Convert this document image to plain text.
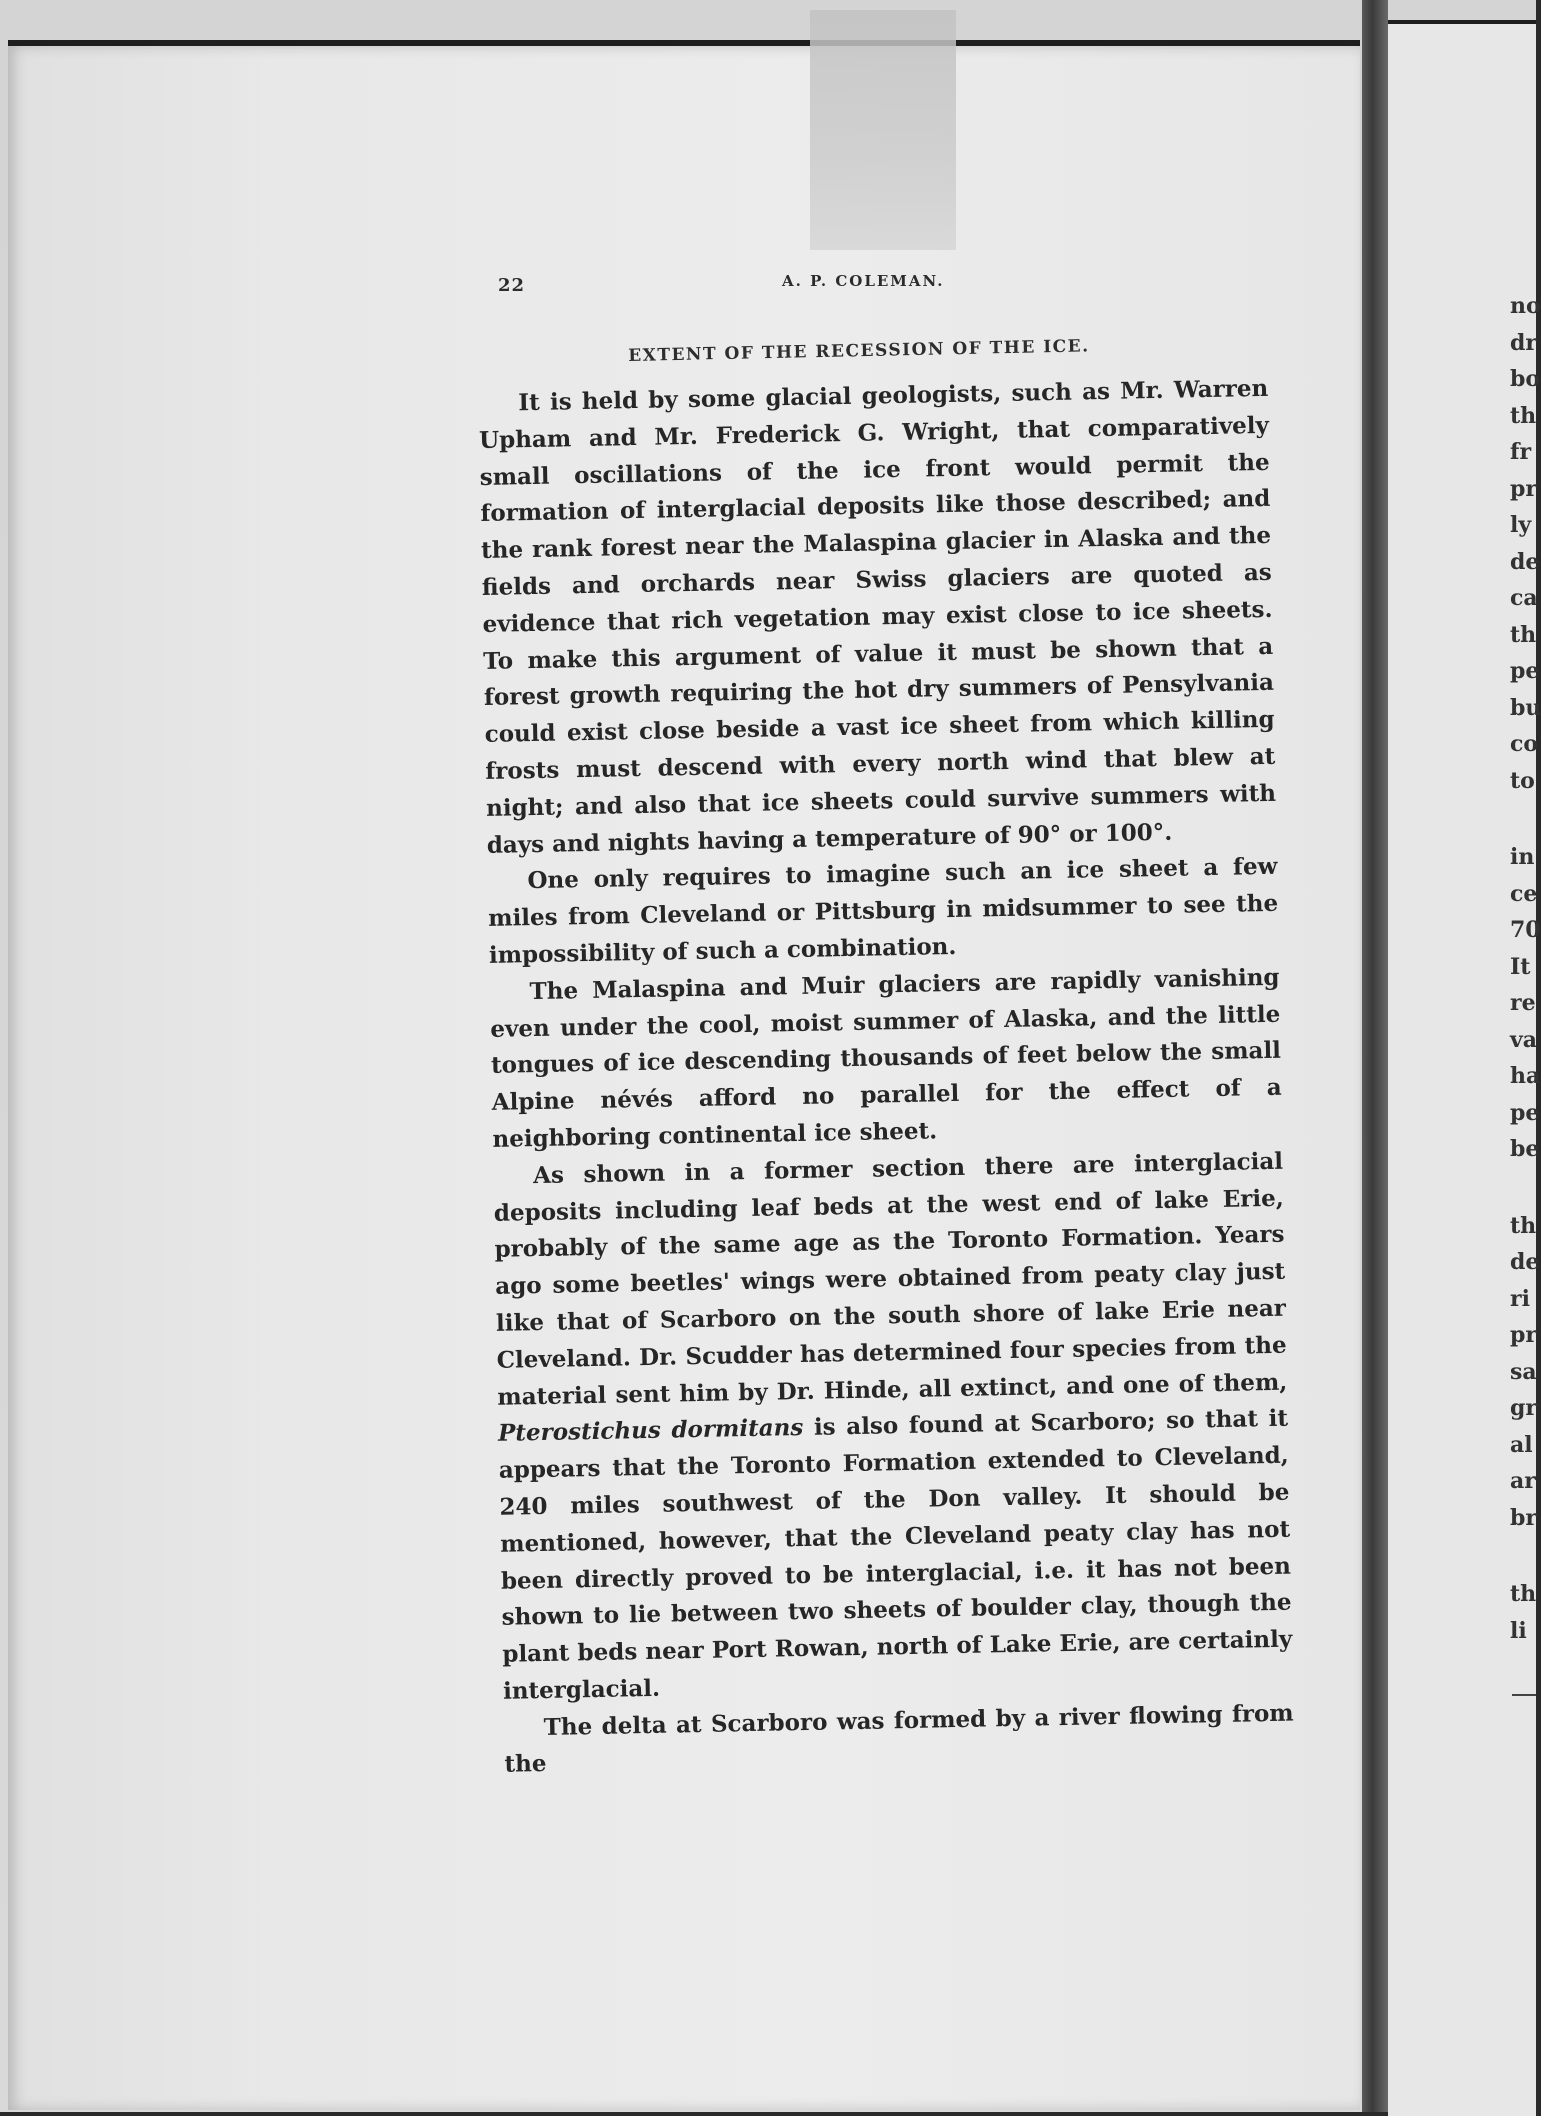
22	A. P. COLEMAN.
EXTENT OF THE RECESSION OF THE ICE.

It is held by some glacial geologists, such as Mr. Warren Upham and Mr. Frederick G. Wright, that comparatively small oscillations of the ice front would permit the formation of interglacial deposits like those described; and the rank forest near the Malaspina glacier in Alaska and the fields and orchards near Swiss glaciers are quoted as evidence that rich vegetation may exist close to ice sheets. To make this argument of value it must be shown that a forest growth requiring the hot dry summers of Pensylvania could exist close beside a vast ice sheet from which killing frosts must descend with every north wind that blew at night; and also that ice sheets could survive summers with days and nights having a temperature of 90° or 100°.

One only requires to imagine such an ice sheet a few miles from Cleveland or Pittsburg in midsummer to see the impossibility of such a combination.

The Malaspina and Muir glaciers are rapidly vanishing even under the cool, moist summer of Alaska, and the little tongues of ice descending thousands of feet below the small Alpine névés afford no parallel for the effect of a neighboring continental ice sheet.

As shown in a former section there are interglacial deposits including leaf beds at the west end of lake Erie, probably of the same age as the Toronto Formation. Years ago some beetles' wings were obtained from peaty clay just like that of Scarboro on the south shore of lake Erie near Cleveland. Dr. Scudder has determined four species from the material sent him by Dr. Hinde, all extinct, and one of them, Pterostichus dormitans is also found at Scarboro; so that it appears that the Toronto Formation extended to Cleveland, 240 miles southwest of the Don valley. It should be mentioned, however, that the Cleveland peaty clay has not been directly proved to be interglacial, i.e. it has not been shown to lie between two sheets of boulder clay, though the plant beds near Port Rowan, north of Lake Erie, are certainly interglacial.

The delta at Scarboro was formed by a river flowing from the

no
dr
bo
th
fr
pr
ly
de
ca
th
pe
bu
co
to
in
ce
70
It
re
va
ha
pe
be
th
de
ri
pr
sa
gr
al
ar
br
th
li
